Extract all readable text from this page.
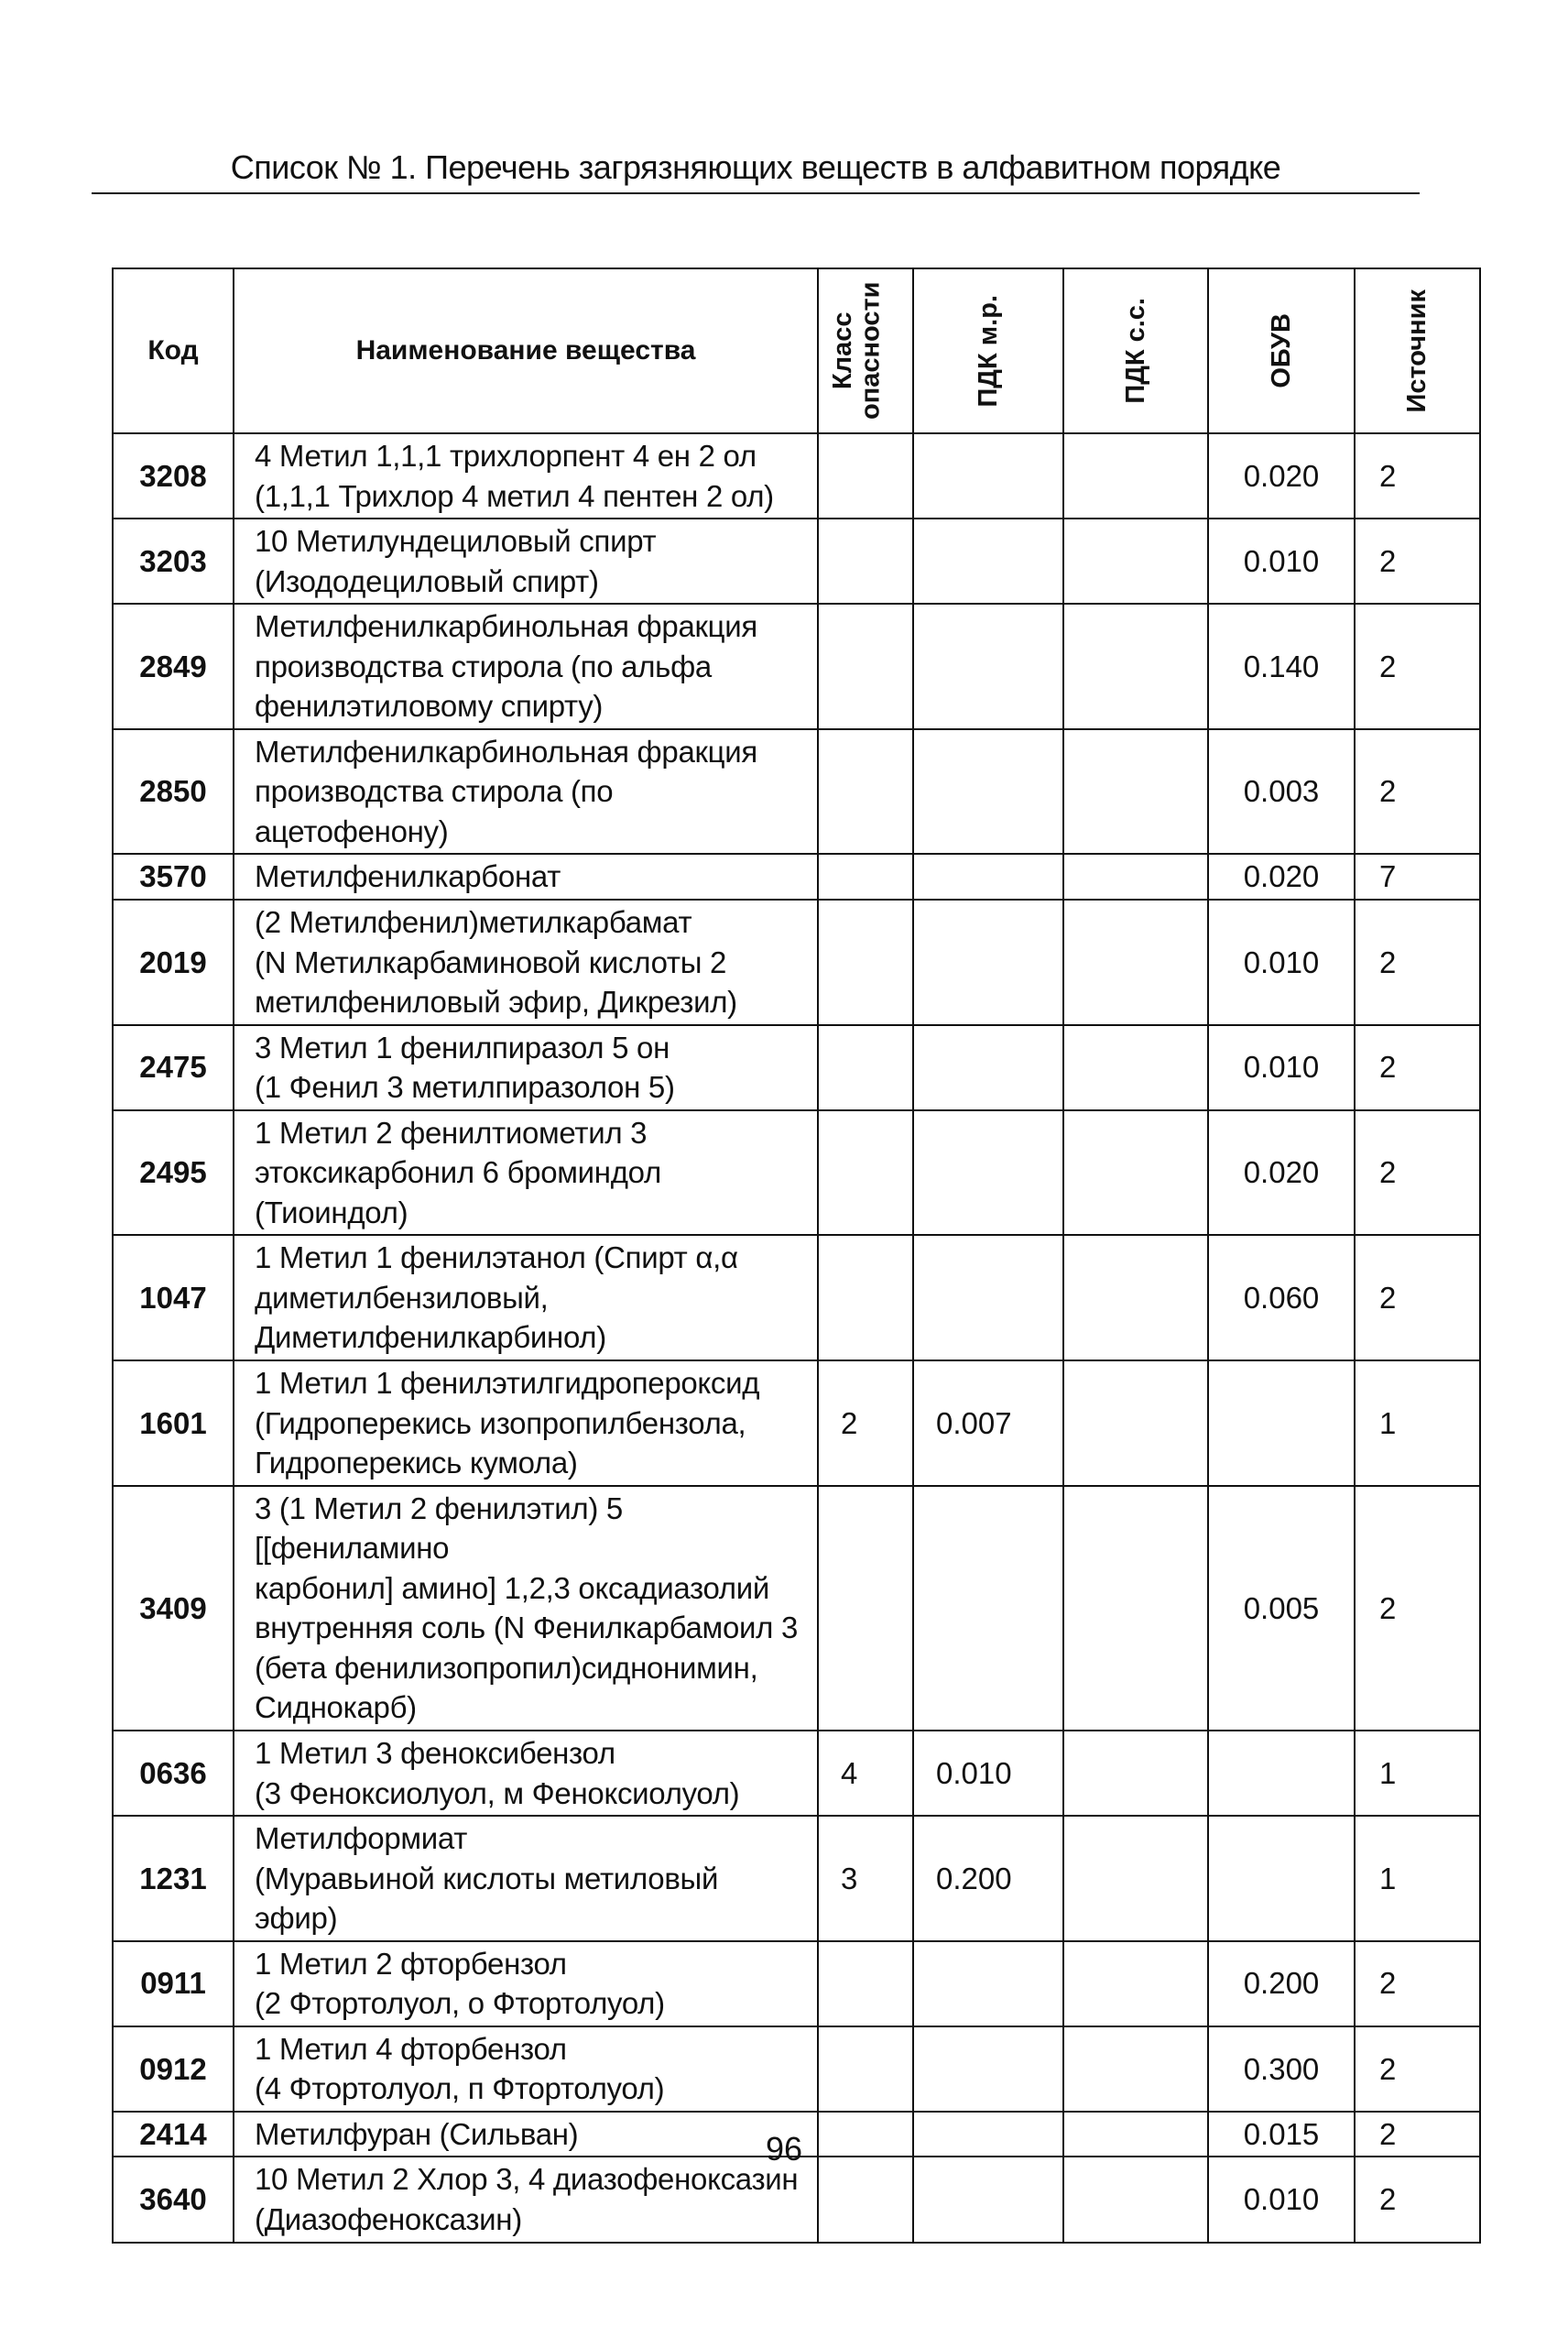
Список № 1. Перечень загрязняющих веществ в алфавитном порядке
Код	Наименование вещества	Класс опасности	ПДК м.р.	ПДК с.с.	ОБУВ	Источник

3208	4 Метил 1,1,1 трихлорпент 4 ен 2 ол
(1,1,1 Трихлор 4 метил 4 пентен 2 ол)				0.020	2
3203	10 Метилундециловый спирт
(Изододециловый спирт)				0.010	2
2849	Метилфенилкарбинольная фракция
производства стирола (по альфа
фенилэтиловому спирту)				0.140	2
2850	Метилфенилкарбинольная фракция
производства стирола (по ацетофенону)				0.003	2
3570	Метилфенилкарбонат				0.020	7
2019	(2 Метилфенил)метилкарбамат
(N Метилкарбаминовой кислоты 2
метилфениловый эфир, Дикрезил)				0.010	2
2475	3 Метил 1 фенилпиразол 5 он
(1 Фенил 3 метилпиразолон 5)				0.010	2
2495	1 Метил 2 фенилтиометил 3
этоксикарбонил 6 броминдол (Тиоиндол)				0.020	2
1047	1 Метил 1 фенилэтанол (Спирт α,α
диметилбензиловый,
Диметилфенилкарбинол)				0.060	2
1601	1 Метил 1 фенилэтилгидропероксид
(Гидроперекись изопропилбензола,
Гидроперекись кумола)	2	0.007			1
3409	3 (1 Метил 2 фенилэтил) 5 [[фениламино
карбонил] амино] 1,2,3 оксадиазолий
внутренняя соль (N Фенилкарбамоил 3
(бета фенилизопропил)сиднонимин,
Сиднокарб)				0.005	2
0636	1 Метил 3 феноксибензол
(3 Феноксиолуол, м Феноксиолуол)	4	0.010			1
1231	Метилформиат
(Муравьиной кислоты метиловый эфир)	3	0.200			1
0911	1 Метил 2 фторбензол
(2 Фтортолуол, о Фтортолуол)				0.200	2
0912	1 Метил 4 фторбензол
(4 Фтортолуол, п Фтортолуол)				0.300	2
2414	Метилфуран (Сильван)				0.015	2
3640	10 Метил 2 Хлор 3, 4 диазофеноксазин
(Диазофеноксазин)				0.010	2
96
